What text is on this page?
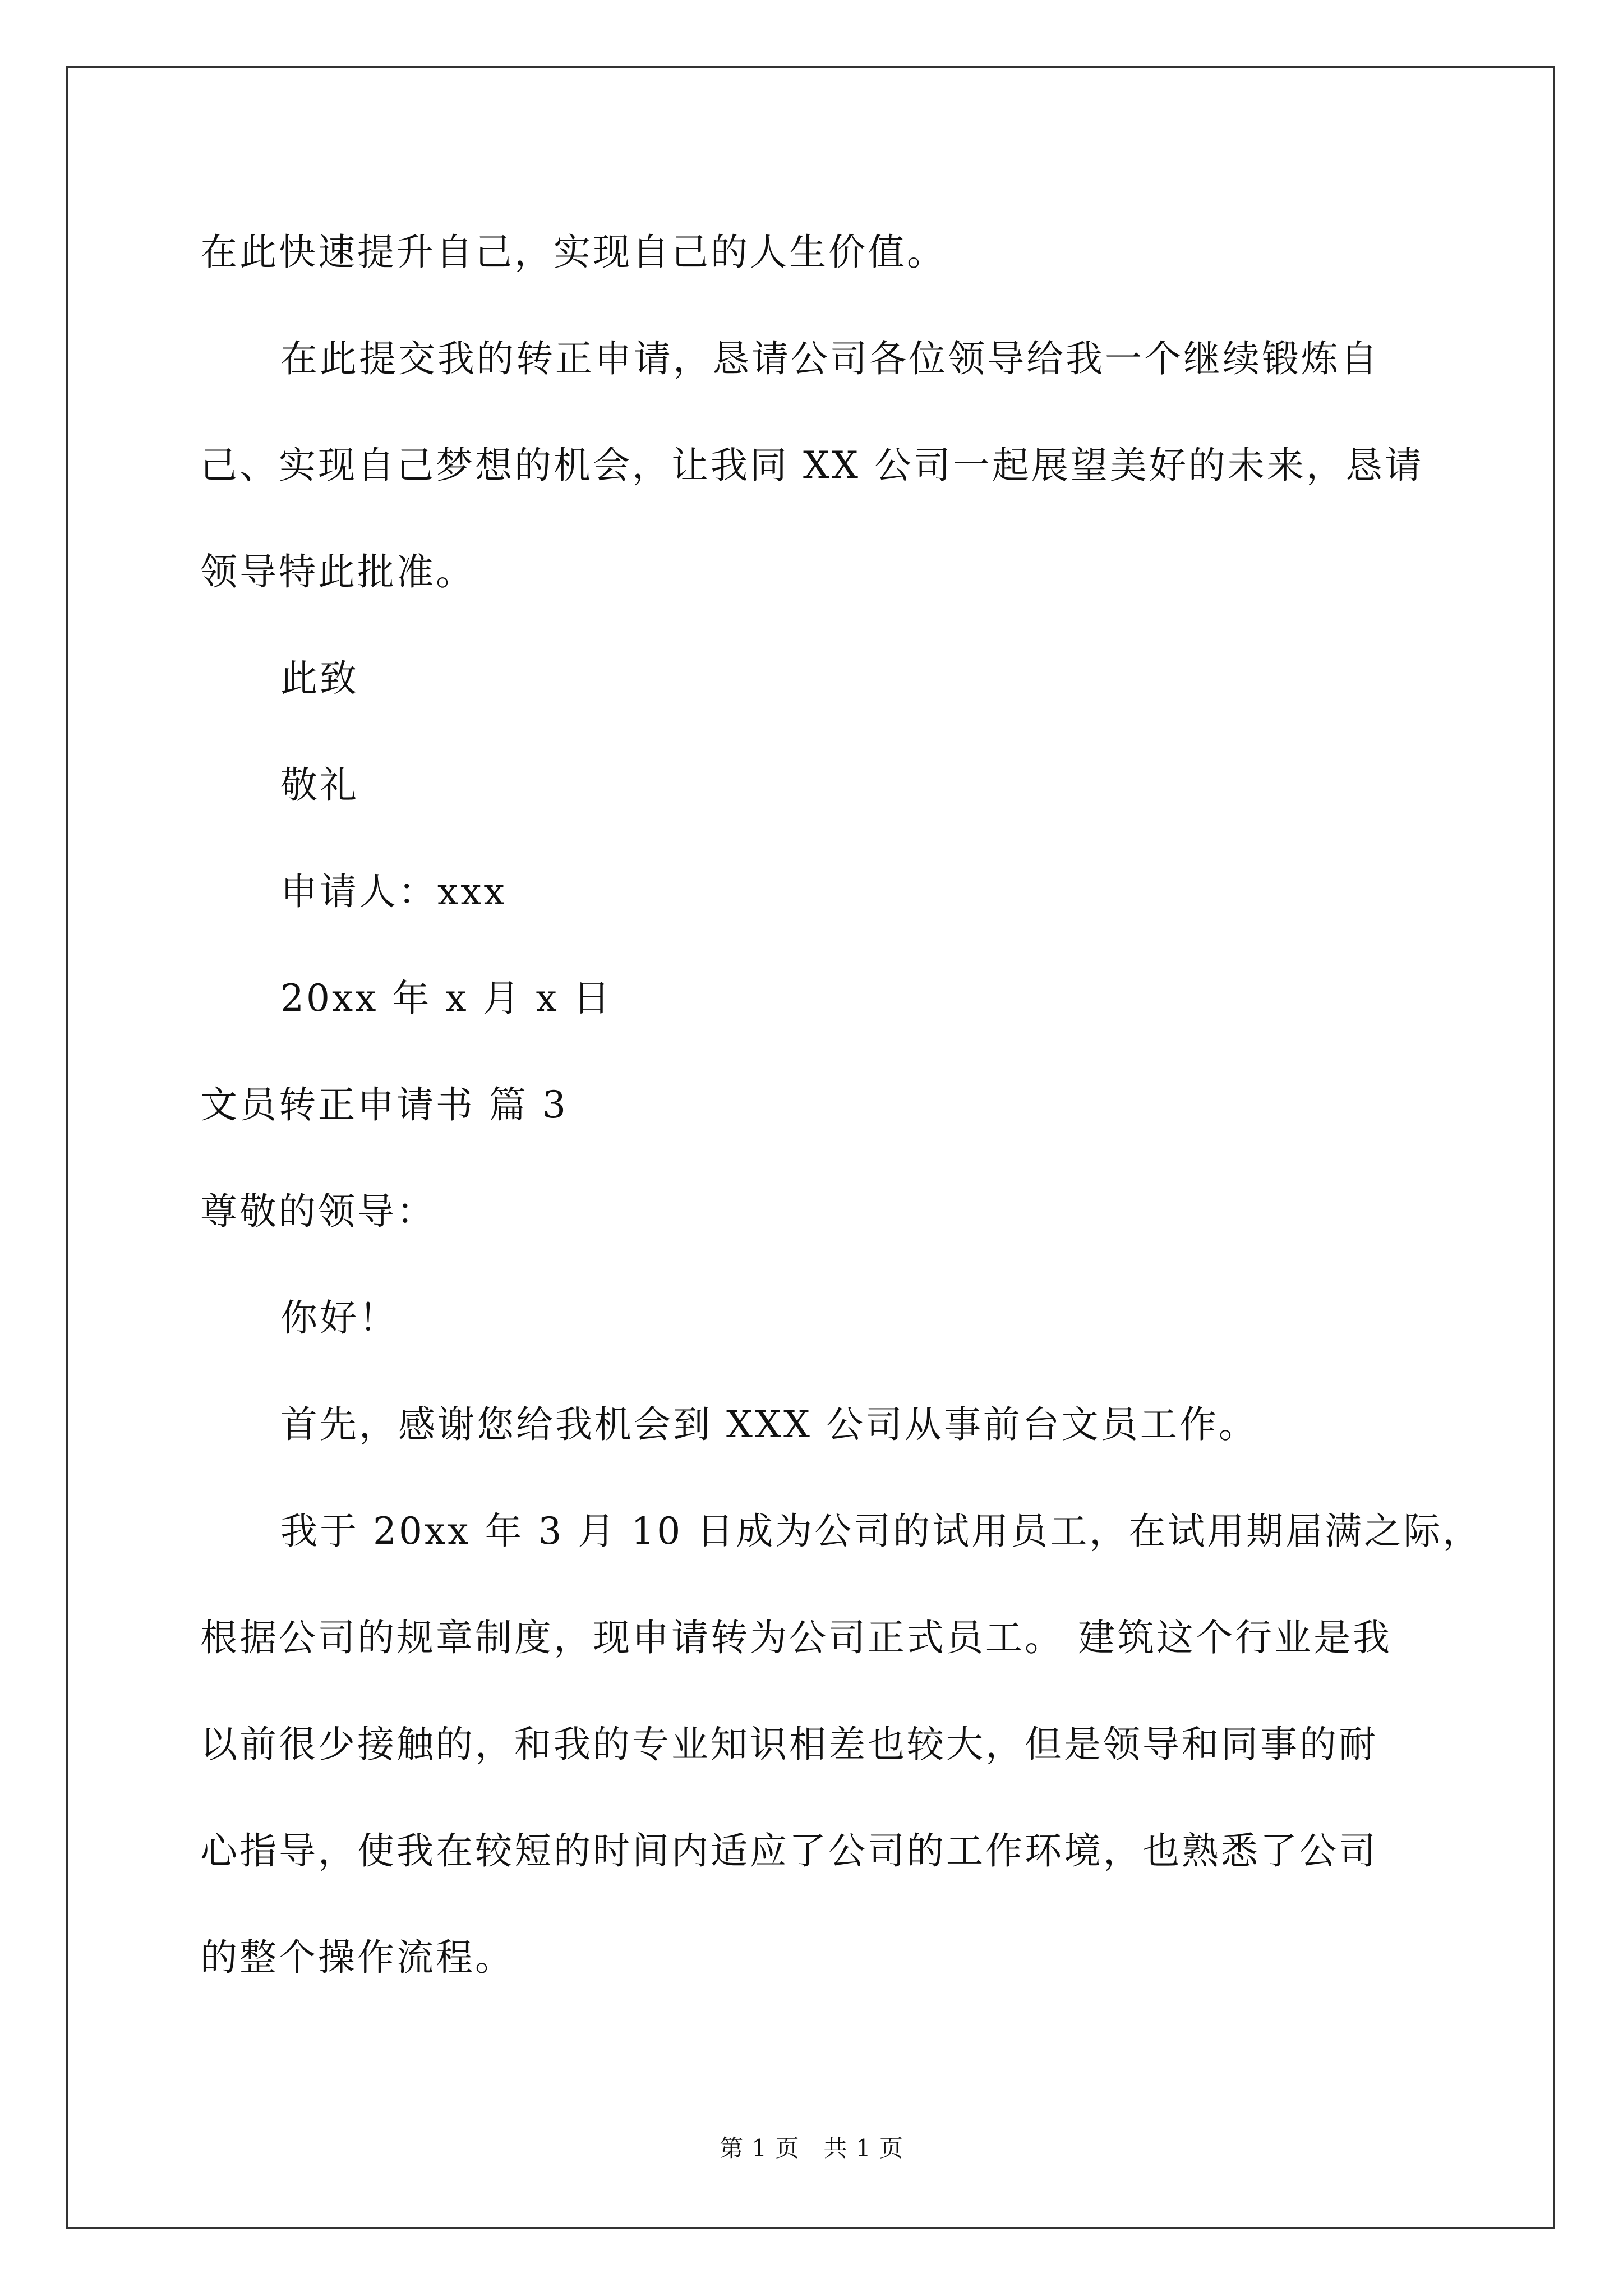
在此快速提升自己，实现自己的人生价值。
在此提交我的转正申请，恳请公司各位领导给我一个继续锻炼自
己、实现自己梦想的机会，让我同 XX 公司一起展望美好的未来，恳请
领导特此批准。
此致
敬礼
申请人：xxx
20xx 年 x 月 x 日
文员转正申请书 篇 3
尊敬的领导：
你好！
首先，感谢您给我机会到 XXX 公司从事前台文员工作。
我于 20xx 年 3 月 10 日成为公司的试用员工，在试用期届满之际，
根据公司的规章制度，现申请转为公司正式员工。 建筑这个行业是我
以前很少接触的，和我的专业知识相差也较大，但是领导和同事的耐
心指导，使我在较短的时间内适应了公司的工作环境，也熟悉了公司
的整个操作流程。
第 1 页　共 1 页
